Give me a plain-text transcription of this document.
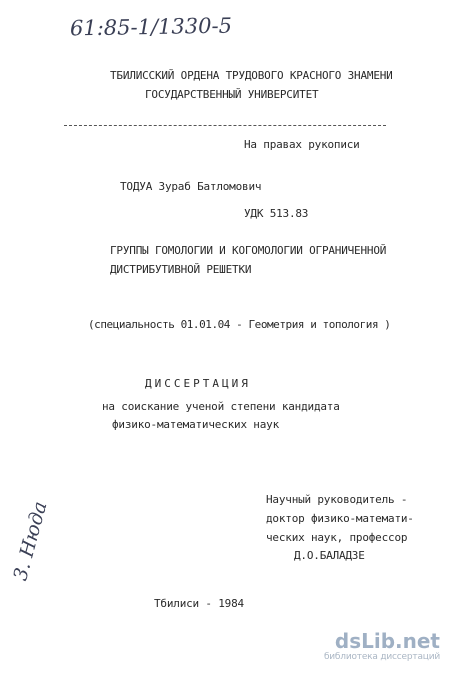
61:85-1/1330-5
ТБИЛИССКИЙ ОРДЕНА ТРУДОВОГО КРАСНОГО ЗНАМЕНИ
ГОСУДАРСТВЕННЫЙ УНИВЕРСИТЕТ
На правах рукописи
ТОДУА Зураб Батломович
УДК 513.83
ГРУППЫ ГОМОЛОГИИ И КОГОМОЛОГИИ ОГРАНИЧЕННОЙ
ДИСТРИБУТИВНОЙ РЕШЕТКИ
(специальность 01.01.04 - Геометрия и топология )
ДИССЕРТАЦИЯ
на соискание ученой степени кандидата
физико-математических наук
Научный руководитель -
доктор физико-математи-
ческих наук, профессор
Д.О.БАЛАДЗЕ
3. Нюда
Тбилиси - 1984
dsLib.net
библиотека диссертаций
